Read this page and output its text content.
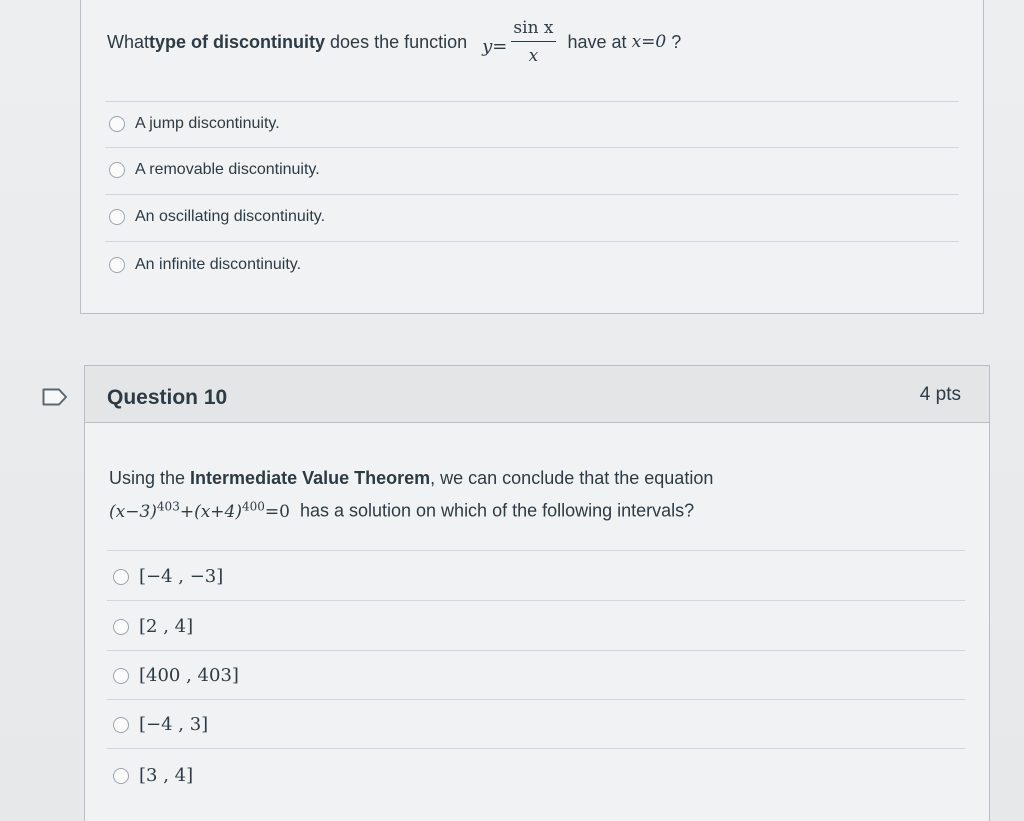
What type of discontinuity does the function $y= \frac{\text{sin x}}{x}$ have at x=0 ?
A jump discontinuity.
A removable discontinuity.
An oscillating discontinuity.
An infinite discontinuity.
Question 10	4 pts
Using the Intermediate Value Theorem, we can conclude that the equation
$(x-3)^{403}+(x+4)^{400}=0$ has a solution on which of the following intervals?
[−4 , −3]
[2 , 4]
[400 , 403]
[−4 , 3]
[3 , 4]
